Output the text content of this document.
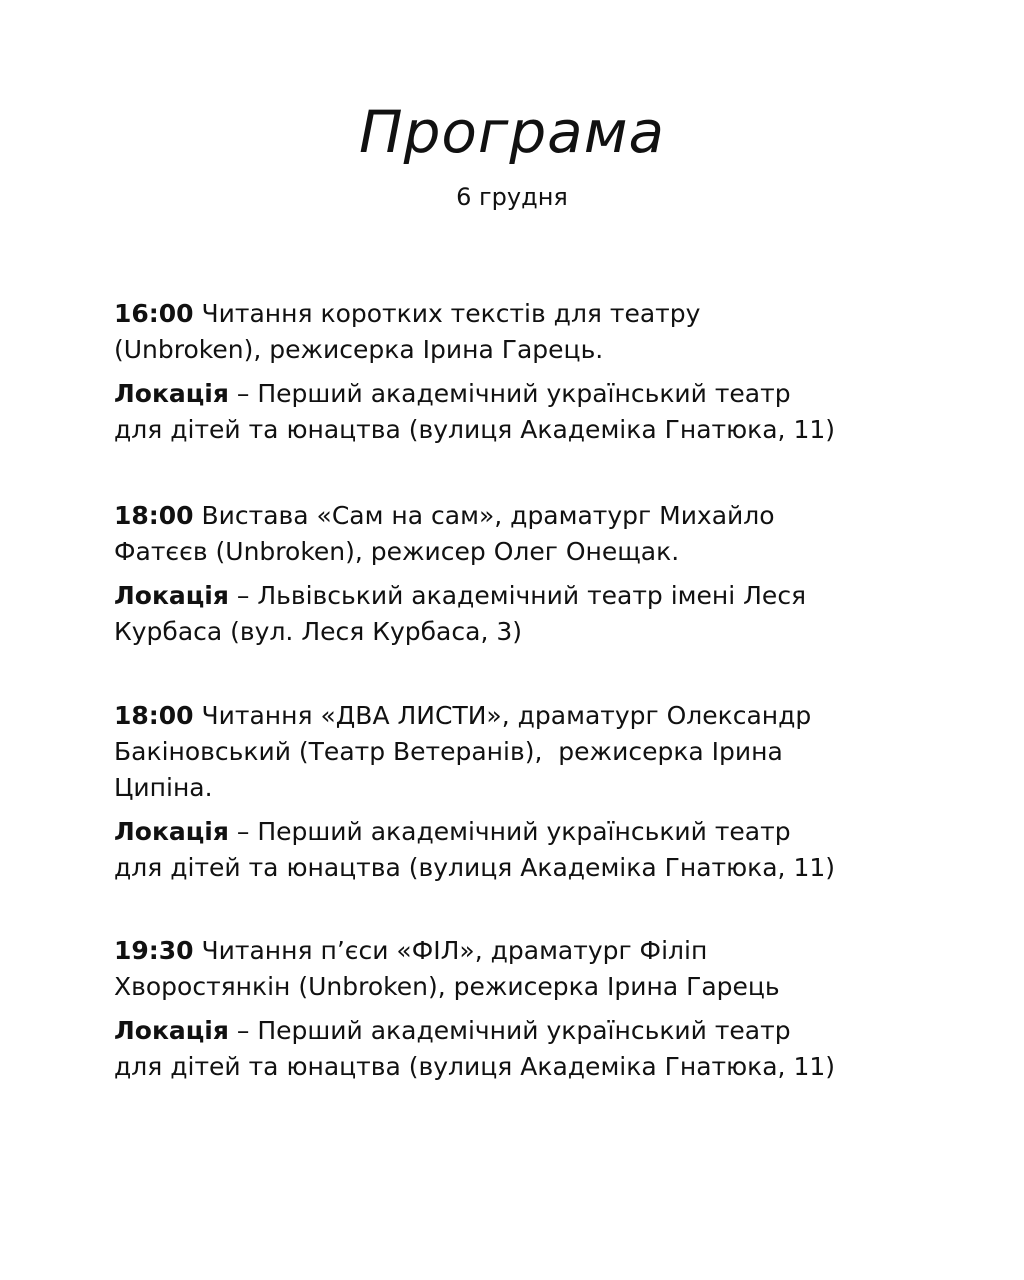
Програма

6 грудня

16:00 Читання коротких текстів для театру
(Unbroken), режисерка Ірина Гарець.

Локація – Перший академічний український театр
для дітей та юнацтва (вулиця Академіка Гнатюка, 11)

18:00 Вистава «Сам на сам», драматург Михайло
Фатєєв (Unbroken), режисер Олег Онещак.

Локація – Львівський академічний театр імені Леся
Курбаса (вул. Леся Курбаса, 3)

18:00 Читання «ДВА ЛИСТИ», драматург Олександр
Бакіновський (Театр Ветеранів),  режисерка Ірина
Ципіна.

Локація – Перший академічний український театр
для дітей та юнацтва (вулиця Академіка Гнатюка, 11)

19:30 Читання п’єси «ФІЛ», драматург Філіп
Хворостянкін (Unbroken), режисерка Ірина Гарець

Локація – Перший академічний український театр
для дітей та юнацтва (вулиця Академіка Гнатюка, 11)
